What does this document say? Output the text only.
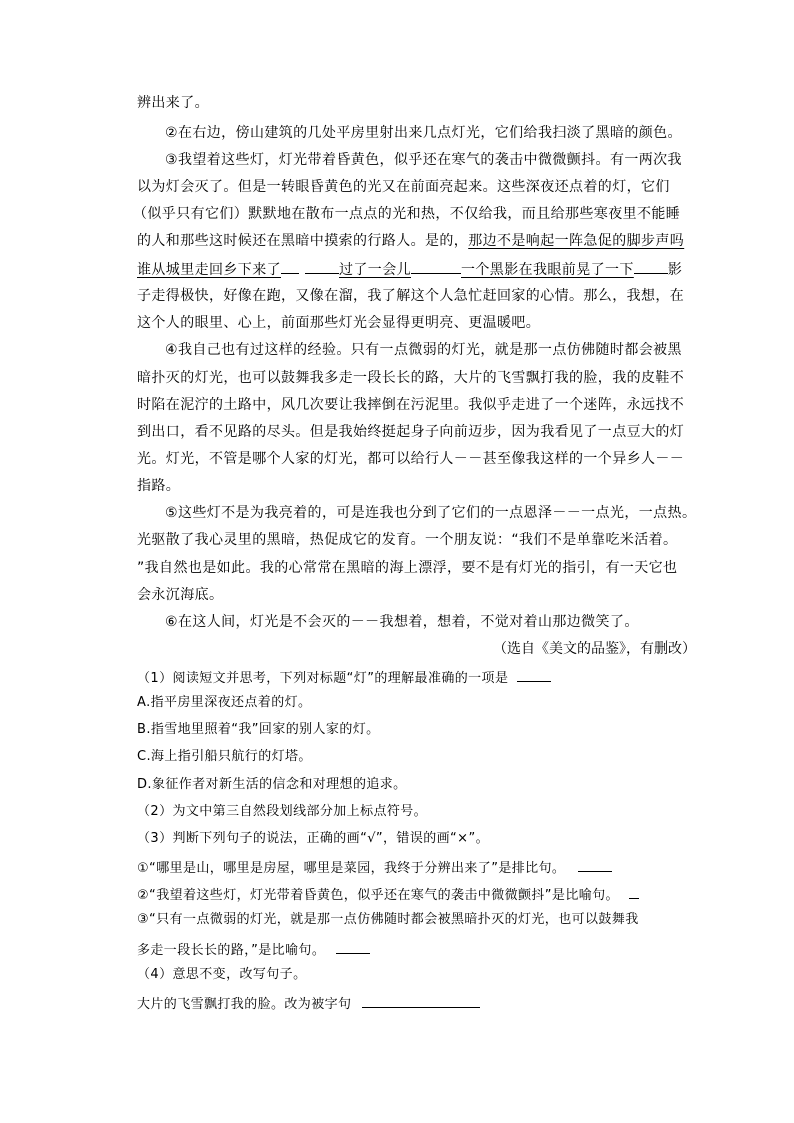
辨出来了。
②在右边，傍山建筑的几处平房里射出来几点灯光，它们给我扫淡了黑暗的颜色。
③我望着这些灯，灯光带着昏黄色，似乎还在寒气的袭击中微微颤抖。有一两次我
以为灯会灭了。但是一转眼昏黄色的光又在前面亮起来。这些深夜还点着的灯，它们
（似乎只有它们）默默地在散布一点点的光和热，不仅给我，而且给那些寒夜里不能睡
的人和那些这时候还在黑暗中摸索的行路人。是的，那边不是响起一阵急促的脚步声吗
谁从城里走回乡下来了	过了一会儿	一个黑影在我眼前晃了一下 影
子走得极快，好像在跑，又像在溜，我了解这个人急忙赶回家的心情。那么，我想，在
这个人的眼里、心上，前面那些灯光会显得更明亮、更温暖吧。
④我自己也有过这样的经验。只有一点微弱的灯光，就是那一点仿佛随时都会被黑
暗扑灭的灯光，也可以鼓舞我多走一段长长的路，大片的飞雪飘打我的脸，我的皮鞋不
时陷在泥泞的土路中，风几次要让我摔倒在污泥里。我似乎走进了一个迷阵，永远找不
到出口，看不见路的尽头。但是我始终挺起身子向前迈步，因为我看见了一点豆大的灯
光。灯光，不管是哪个人家的灯光，都可以给行人－－甚至像我这样的一个异乡人－－
指路。
⑤这些灯不是为我亮着的，可是连我也分到了它们的一点恩泽－－一点光，一点热。
光驱散了我心灵里的黑暗，热促成它的发育。一个朋友说：“我们不是单靠吃米活着。
”我自然也是如此。我的心常常在黑暗的海上漂浮，要不是有灯光的指引，有一天它也
会永沉海底。
⑥在这人间，灯光是不会灭的－－我想着，想着，不觉对着山那边微笑了。
（选自《美文的品鉴》，有删改）
（1）阅读短文并思考，下列对标题“灯”的理解最准确的一项是
A.指平房里深夜还点着的灯。
B.指雪地里照着“我”回家的别人家的灯。
C.海上指引船只航行的灯塔。
D.象征作者对新生活的信念和对理想的追求。
（2）为文中第三自然段划线部分加上标点符号。
（3）判断下列句子的说法，正确的画“√”，错误的画“×”。
①“哪里是山，哪里是房屋，哪里是菜园，我终于分辨出来了”是排比句。
②“我望着这些灯，灯光带着昏黄色，似乎还在寒气的袭击中微微颤抖”是比喻句。
③“只有一点微弱的灯光，就是那一点仿佛随时都会被黑暗扑灭的灯光，也可以鼓舞我
多走一段长长的路，”是比喻句。
（4）意思不变，改写句子。
大片的飞雪飘打我的脸。改为被字句
